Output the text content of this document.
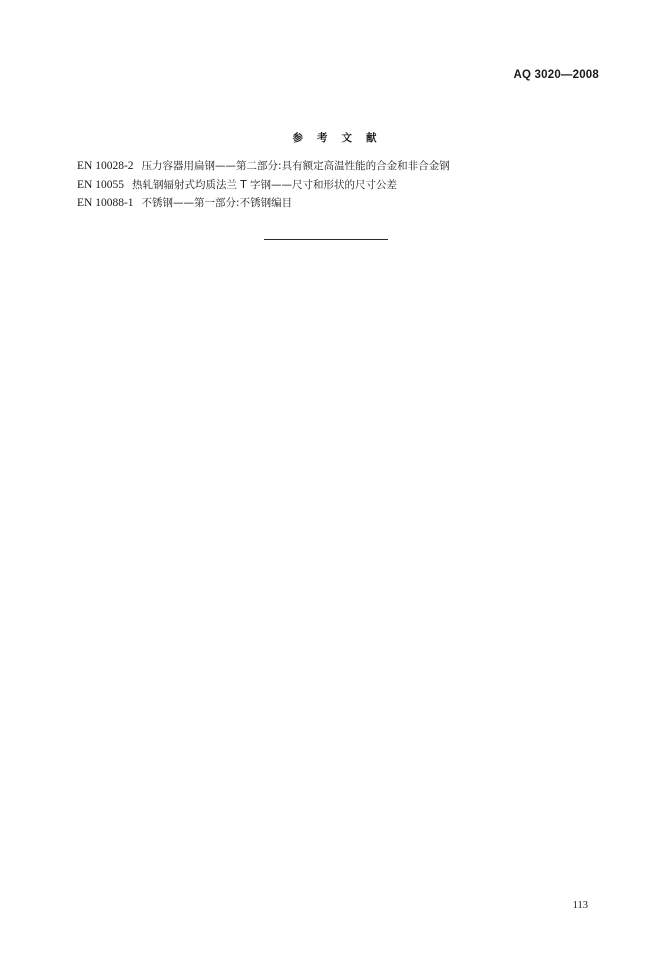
AQ 3020—2008
参考文献
EN 10028-2 压力容器用扁钢——第二部分:具有额定高温性能的合金和非合金钢
EN 10055 热轧钢辐射式均质法兰 T 字钢——尺寸和形状的尺寸公差
EN 10088-1 不锈钢——第一部分:不锈钢编目
113
